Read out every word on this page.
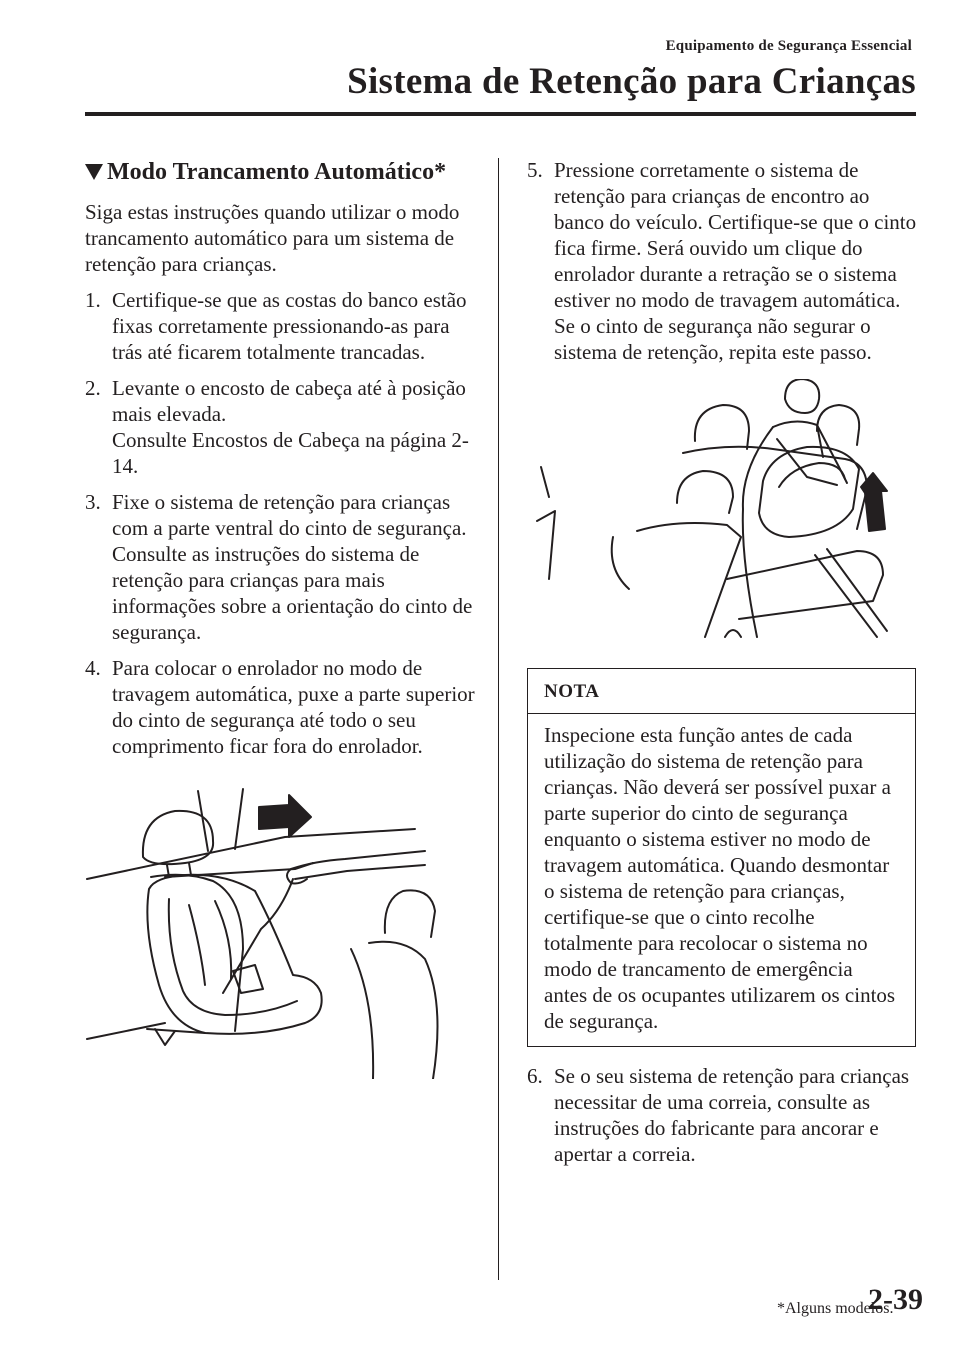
Equipamento de Segurança Essencial
Sistema de Retenção para Crianças
Modo Trancamento Automático*

Siga estas instruções quando utilizar o modo trancamento automático para um sistema de retenção para crianças.

1. Certifique-se que as costas do banco estão fixas corretamente pressionando-as para trás até ficarem totalmente trancadas.
2. Levante o encosto de cabeça até à posição mais elevada.
Consulte Encostos de Cabeça na página 2-14.
3. Fixe o sistema de retenção para crianças com a parte ventral do cinto de segurança. Consulte as instruções do sistema de retenção para crianças para mais informações sobre a orientação do cinto de segurança.
4. Para colocar o enrolador no modo de travagem automática, puxe a parte superior do cinto de segurança até todo o seu comprimento ficar fora do enrolador.
5. Pressione corretamente o sistema de retenção para crianças de encontro ao banco do veículo. Certifique-se que o cinto fica firme. Será ouvido um clique do enrolador durante a retração se o sistema estiver no modo de travagem automática. Se o cinto de segurança não segurar o sistema de retenção, repita este passo.
NOTA
Inspecione esta função antes de cada utilização do sistema de retenção para crianças. Não deverá ser possível puxar a parte superior do cinto de segurança enquanto o sistema estiver no modo de travagem automática. Quando desmontar o sistema de retenção para crianças, certifique-se que o cinto recolhe totalmente para recolocar o sistema no modo de trancamento de emergência antes de os ocupantes utilizarem os cintos de segurança.
6. Se o seu sistema de retenção para crianças necessitar de uma correia, consulte as instruções do fabricante para ancorar e apertar a correia.
*Alguns modelos.
2-39
